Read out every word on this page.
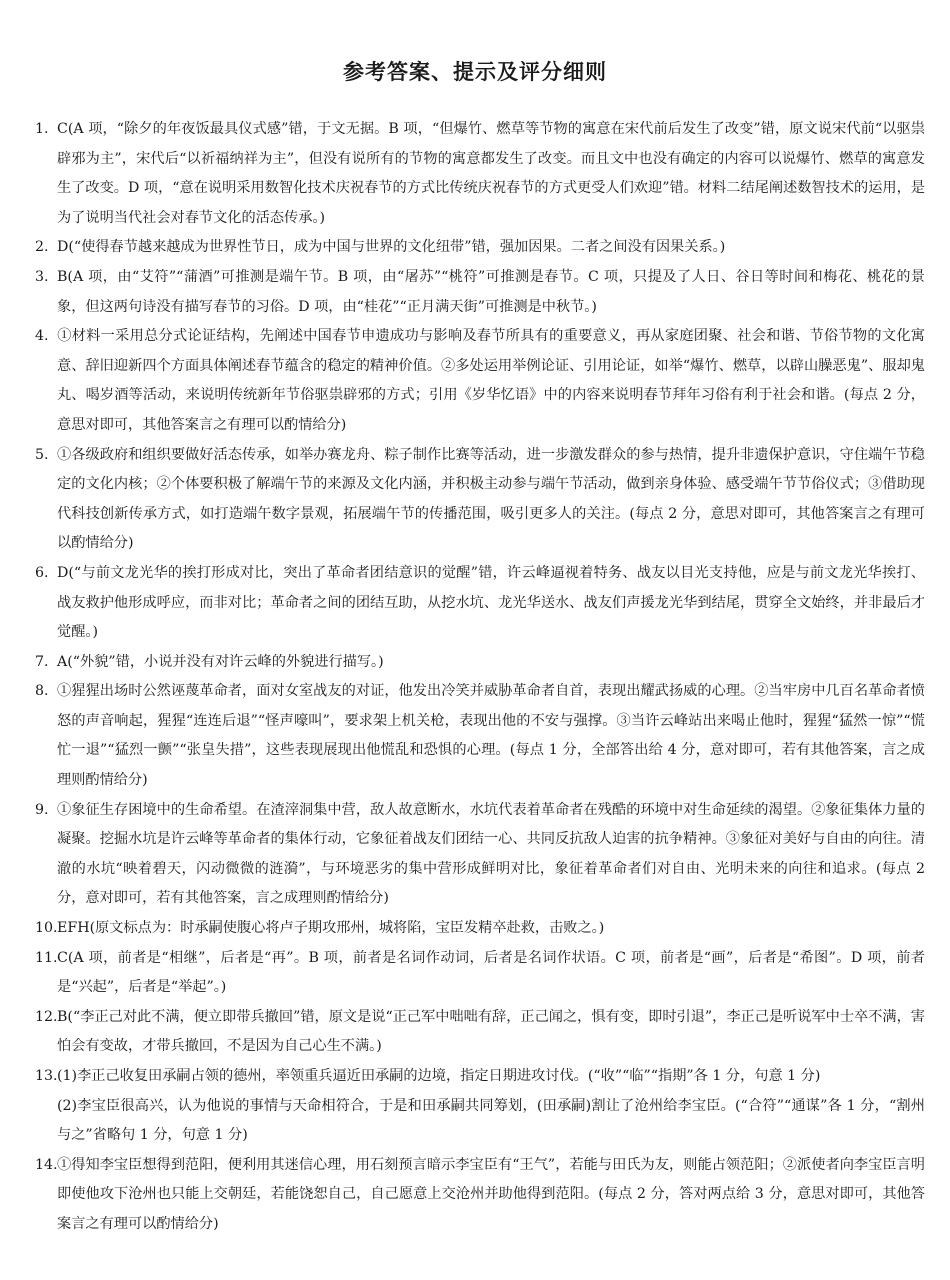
参考答案、提示及评分细则

1. C(A 项，“除夕的年夜饭最具仪式感”错，于文无据。B 项，“但爆竹、燃草等节物的寓意在宋代前后发生了改变”错，原文说宋代前“以驱祟辟邪为主”，宋代后“以祈福纳祥为主”，但没有说所有的节物的寓意都发生了改变。而且文中也没有确定的内容可以说爆竹、燃草的寓意发生了改变。D 项，“意在说明采用数智化技术庆祝春节的方式比传统庆祝春节的方式更受人们欢迎”错。材料二结尾阐述数智技术的运用，是为了说明当代社会对春节文化的活态传承。)

2. D(“使得春节越来越成为世界性节日，成为中国与世界的文化纽带”错，强加因果。二者之间没有因果关系。)

3. B(A 项，由“艾符”“蒲酒”可推测是端午节。B 项，由“屠苏”“桃符”可推测是春节。C 项，只提及了人日、谷日等时间和梅花、桃花的景象，但这两句诗没有描写春节的习俗。D 项，由“桂花”“正月满天街”可推测是中秋节。)

4. ①材料一采用总分式论证结构，先阐述中国春节申遗成功与影响及春节所具有的重要意义，再从家庭团聚、社会和谐、节俗节物的文化寓意、辞旧迎新四个方面具体阐述春节蕴含的稳定的精神价值。②多处运用举例论证、引用论证，如举“爆竹、燃草，以辟山臊恶鬼”、服却鬼丸、喝岁酒等活动，来说明传统新年节俗驱祟辟邪的方式；引用《岁华忆语》中的内容来说明春节拜年习俗有利于社会和谐。(每点 2 分，意思对即可，其他答案言之有理可以酌情给分)

5. ①各级政府和组织要做好活态传承，如举办赛龙舟、粽子制作比赛等活动，进一步激发群众的参与热情，提升非遗保护意识，守住端午节稳定的文化内核；②个体要积极了解端午节的来源及文化内涵，并积极主动参与端午节活动，做到亲身体验、感受端午节节俗仪式；③借助现代科技创新传承方式，如打造端午数字景观，拓展端午节的传播范围，吸引更多人的关注。(每点 2 分，意思对即可，其他答案言之有理可以酌情给分)

6. D(“与前文龙光华的挨打形成对比，突出了革命者团结意识的觉醒”错，许云峰逼视着特务、战友以目光支持他，应是与前文龙光华挨打、战友救护他形成呼应，而非对比；革命者之间的团结互助，从挖水坑、龙光华送水、战友们声援龙光华到结尾，贯穿全文始终，并非最后才觉醒。)

7. A(“外貌”错，小说并没有对许云峰的外貌进行描写。)

8. ①猩猩出场时公然诬蔑革命者，面对女室战友的对证，他发出冷笑并威胁革命者自首，表现出耀武扬威的心理。②当牢房中几百名革命者愤怒的声音响起，猩猩“连连后退”“怪声嚎叫”，要求架上机关枪，表现出他的不安与强撑。③当许云峰站出来喝止他时，猩猩“猛然一惊”“慌忙一退”“猛烈一颤”“张皇失措”，这些表现展现出他慌乱和恐惧的心理。(每点 1 分，全部答出给 4 分，意对即可，若有其他答案，言之成理则酌情给分)

9. ①象征生存困境中的生命希望。在渣滓洞集中营，敌人故意断水，水坑代表着革命者在残酷的环境中对生命延续的渴望。②象征集体力量的凝聚。挖掘水坑是许云峰等革命者的集体行动，它象征着战友们团结一心、共同反抗敌人迫害的抗争精神。③象征对美好与自由的向往。清澈的水坑“映着碧天，闪动微微的涟漪”，与环境恶劣的集中营形成鲜明对比，象征着革命者们对自由、光明未来的向往和追求。(每点 2 分，意对即可，若有其他答案，言之成理则酌情给分)

10.EFH(原文标点为：时承嗣使腹心将卢子期攻邢州，城将陷，宝臣发精卒赴救，击败之。)

11.C(A 项，前者是“相继”，后者是“再”。B 项，前者是名词作动词，后者是名词作状语。C 项，前者是“画”，后者是“希图”。D 项，前者是“兴起”，后者是“举起”。)

12.B(“李正己对此不满，便立即带兵撤回”错，原文是说“正己军中咄咄有辞，正己闻之，惧有变，即时引退”，李正己是听说军中士卒不满，害怕会有变故，才带兵撤回，不是因为自己心生不满。)

13.(1)李正己收复田承嗣占领的德州，率领重兵逼近田承嗣的边境，指定日期进攻讨伐。(“收”“临”“指期”各 1 分，句意 1 分)

(2)李宝臣很高兴，认为他说的事情与天命相符合，于是和田承嗣共同筹划，(田承嗣)割让了沧州给李宝臣。(“合符”“通谋”各 1 分，“割州与之”省略句 1 分，句意 1 分)

14.①得知李宝臣想得到范阳，便利用其迷信心理，用石刻预言暗示李宝臣有“王气”，若能与田氏为友，则能占领范阳；②派使者向李宝臣言明即使他攻下沧州也只能上交朝廷，若能饶恕自己，自己愿意上交沧州并助他得到范阳。(每点 2 分，答对两点给 3 分，意思对即可，其他答案言之有理可以酌情给分)
